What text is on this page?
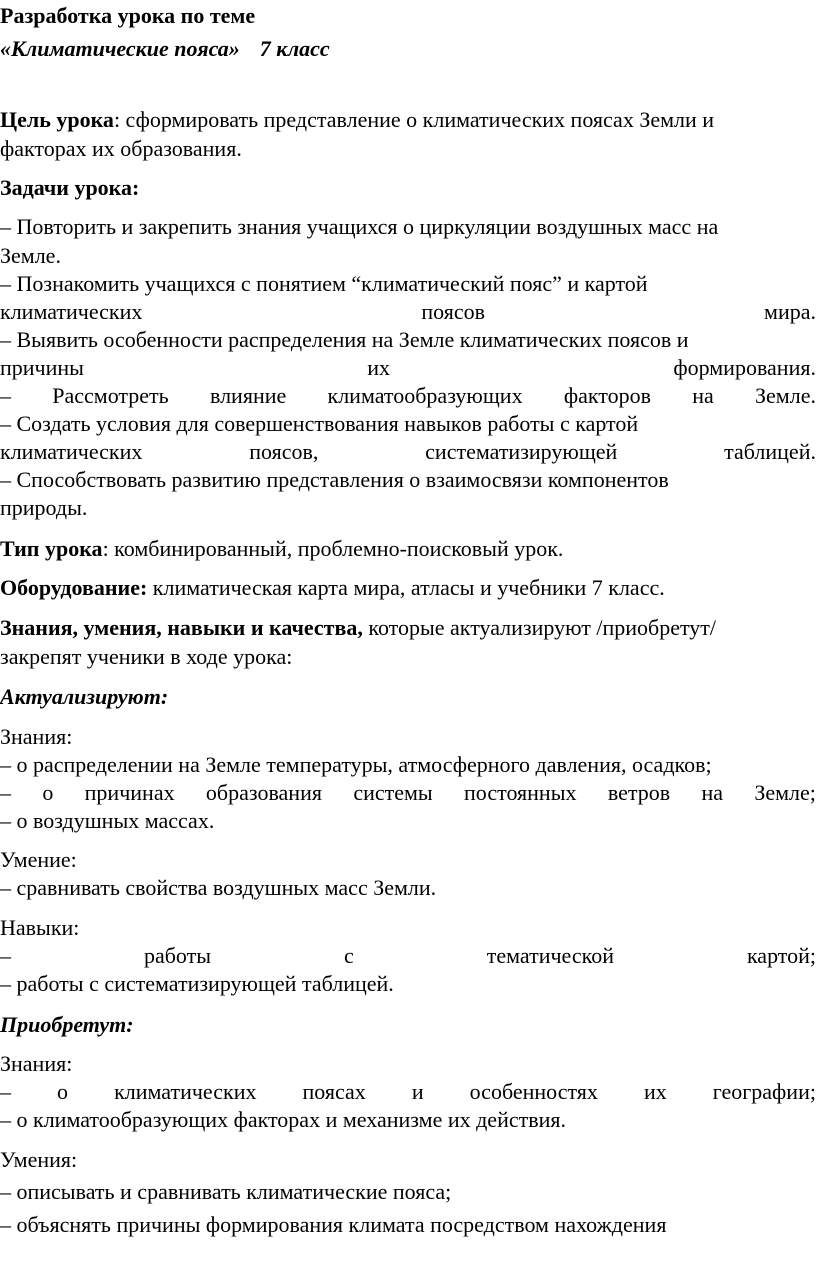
Разработка урока по теме
«Климатические пояса» 7 класс
Цель урока: сформировать представление о климатических поясах Земли и
факторах их образования.
Задачи урока:
– Повторить и закрепить знания учащихся о циркуляции воздушных масс на
Земле.
– Познакомить учащихся с понятием “климатический пояс” и картой
климатических	поясов	мира.
– Выявить особенности распределения на Земле климатических поясов и
причины	их	формирования.
– Рассмотреть влияние климатообразующих факторов на Земле.
– Создать условия для совершенствования навыков работы с картой
климатических	поясов,	систематизирующей	таблицей.
– Способствовать развитию представления о взаимосвязи компонентов
природы.
Тип урока: комбинированный, проблемно-поисковый урок.
Оборудование: климатическая карта мира, атласы и учебники 7 класс.
Знания, умения, навыки и качества, которые актуализируют /приобретут/
закрепят ученики в ходе урока:
Актуализируют:
Знания:
– о распределении на Земле температуры, атмосферного давления, осадков;
– о причинах образования системы постоянных ветров на Земле;
– о воздушных массах.
Умение:
– сравнивать свойства воздушных масс Земли.
Навыки:
–	работы	с	тематической	картой;
– работы с систематизирующей таблицей.
Приобретут:
Знания:
– о климатических поясах и особенностях их географии;
– о климатообразующих факторах и механизме их действия.
Умения:
– описывать и сравнивать климатические пояса;
– объяснять причины формирования климата посредством нахождения
